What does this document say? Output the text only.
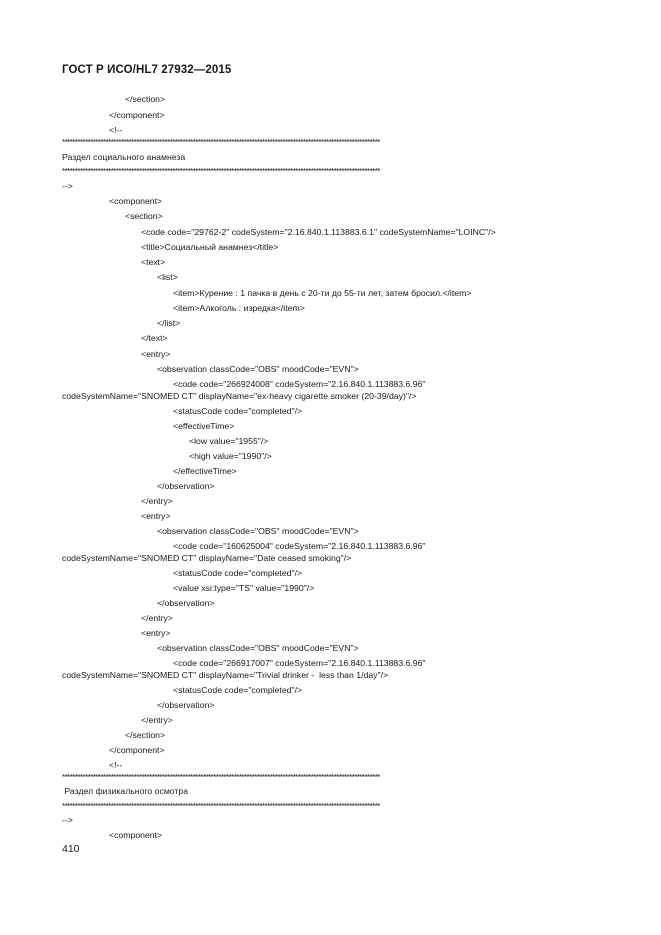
ГОСТ Р ИСО/HL7 27932—2015
</section>
</component>
<!--
****************************************************************************************************************************
Раздел социального анамнеза
****************************************************************************************************************************
-->
<component>
<section>
<code code="29762-2" codeSystem="2.16.840.1.113883.6.1" codeSystemName="LOINC"/>
<title>Социальный анамнез</title>
<text>
<list>
<item>Курение : 1 пачка в день с 20-ти до 55-ти лет, затем бросил.</item>
<item>Алкоголь : изредка</item>
</list>
</text>
<entry>
<observation classCode="OBS" moodCode="EVN">
<code code="266924008" codeSystem="2.16.840.1.113883.6.96"
codeSystemName="SNOMED CT" displayName="ex-heavy cigarette smoker (20-39/day)"/>
<statusCode code="completed"/>
<effectiveTime>
<low value="1955"/>
<high value="1990"/>
</effectiveTime>
</observation>
</entry>
<entry>
<observation classCode="OBS" moodCode="EVN">
<code code="160625004" codeSystem="2.16.840.1.113883.6.96"
codeSystemName="SNOMED CT" displayName="Date ceased smoking"/>
<statusCode code="completed"/>
<value xsi:type="TS" value="1990"/>
</observation>
</entry>
<entry>
<observation classCode="OBS" moodCode="EVN">
<code code="266917007" codeSystem="2.16.840.1.113883.6.96"
codeSystemName="SNOMED CT" displayName="Trivial drinker -  less than 1/day"/>
<statusCode code="completed"/>
</observation>
</entry>
</section>
</component>
<!--
****************************************************************************************************************************
Раздел физикального осмотра
****************************************************************************************************************************
-->
<component>
410
